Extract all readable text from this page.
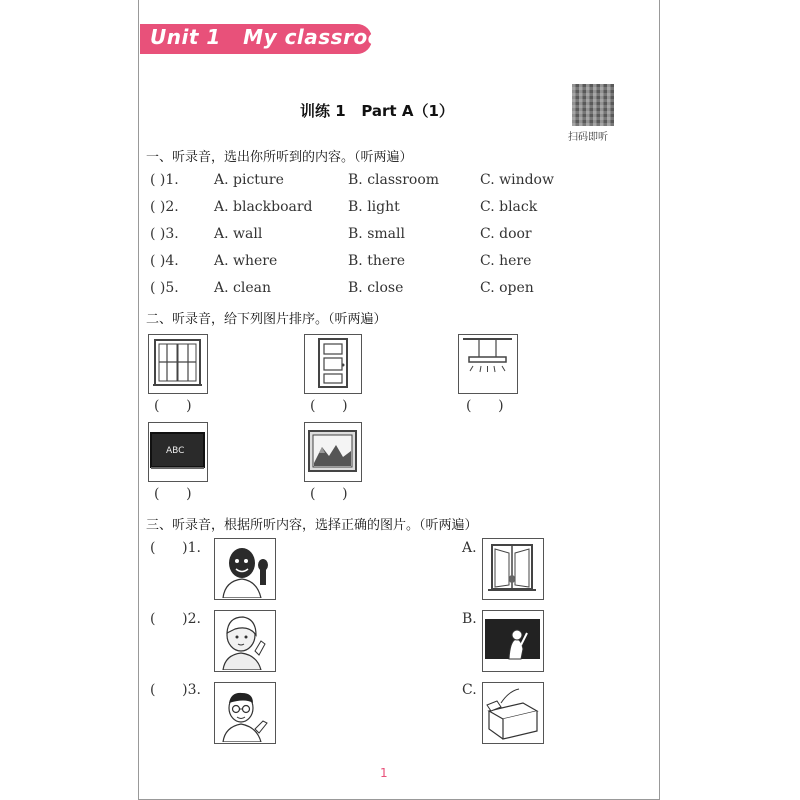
Unit 1   My classroom
扫码即听
训练 1   Part A（1）
一、听录音，选出你所听到的内容。（听两遍）
( )1.	A. picture	B. classroom	C. window
( )2.	A. blackboard	B. light	C. black
( )3.	A. wall	B. small	C. door
( )4.	A. where	B. there	C. here
( )5.	A. clean	B. close	C. open
二、听录音，给下列图片排序。（听两遍）
(      )	(      )	(      )
ABC
(      )	(      )
三、听录音，根据所听内容，选择正确的图片。（听两遍）
(      )1.
(      )2.
(      )3.
A.
B.
C.
1
